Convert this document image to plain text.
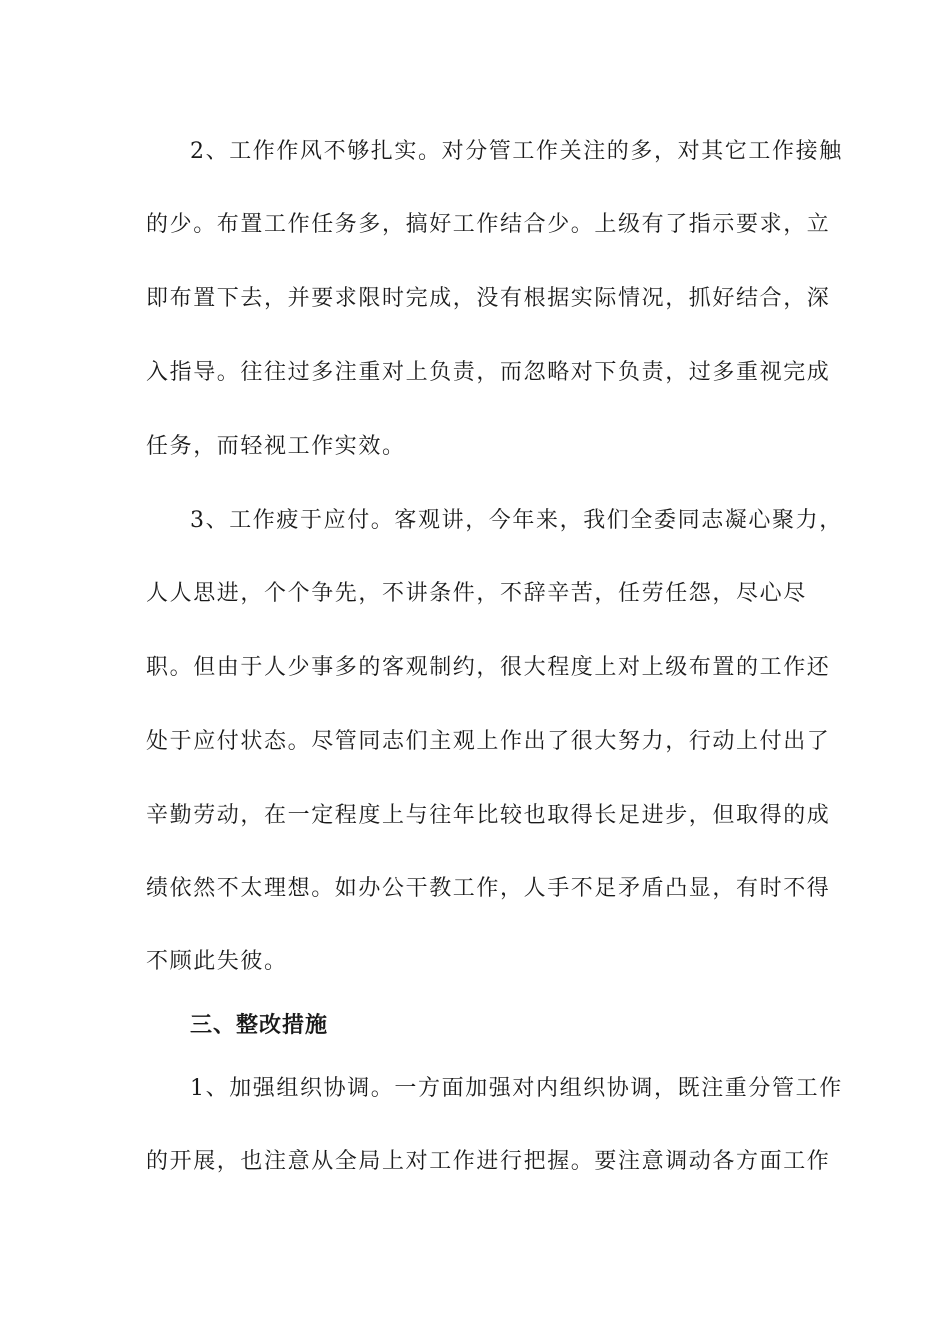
2、工作作风不够扎实。对分管工作关注的多，对其它工作接触
的少。布置工作任务多，搞好工作结合少。上级有了指示要求，立
即布置下去，并要求限时完成，没有根据实际情况，抓好结合，深
入指导。往往过多注重对上负责，而忽略对下负责，过多重视完成
任务，而轻视工作实效。
3、工作疲于应付。客观讲，今年来，我们全委同志凝心聚力，
人人思进，个个争先，不讲条件，不辞辛苦，任劳任怨，尽心尽
职。但由于人少事多的客观制约，很大程度上对上级布置的工作还
处于应付状态。尽管同志们主观上作出了很大努力，行动上付出了
辛勤劳动，在一定程度上与往年比较也取得长足进步，但取得的成
绩依然不太理想。如办公干教工作，人手不足矛盾凸显，有时不得
不顾此失彼。
三、整改措施
1、加强组织协调。一方面加强对内组织协调，既注重分管工作
的开展，也注意从全局上对工作进行把握。要注意调动各方面工作
